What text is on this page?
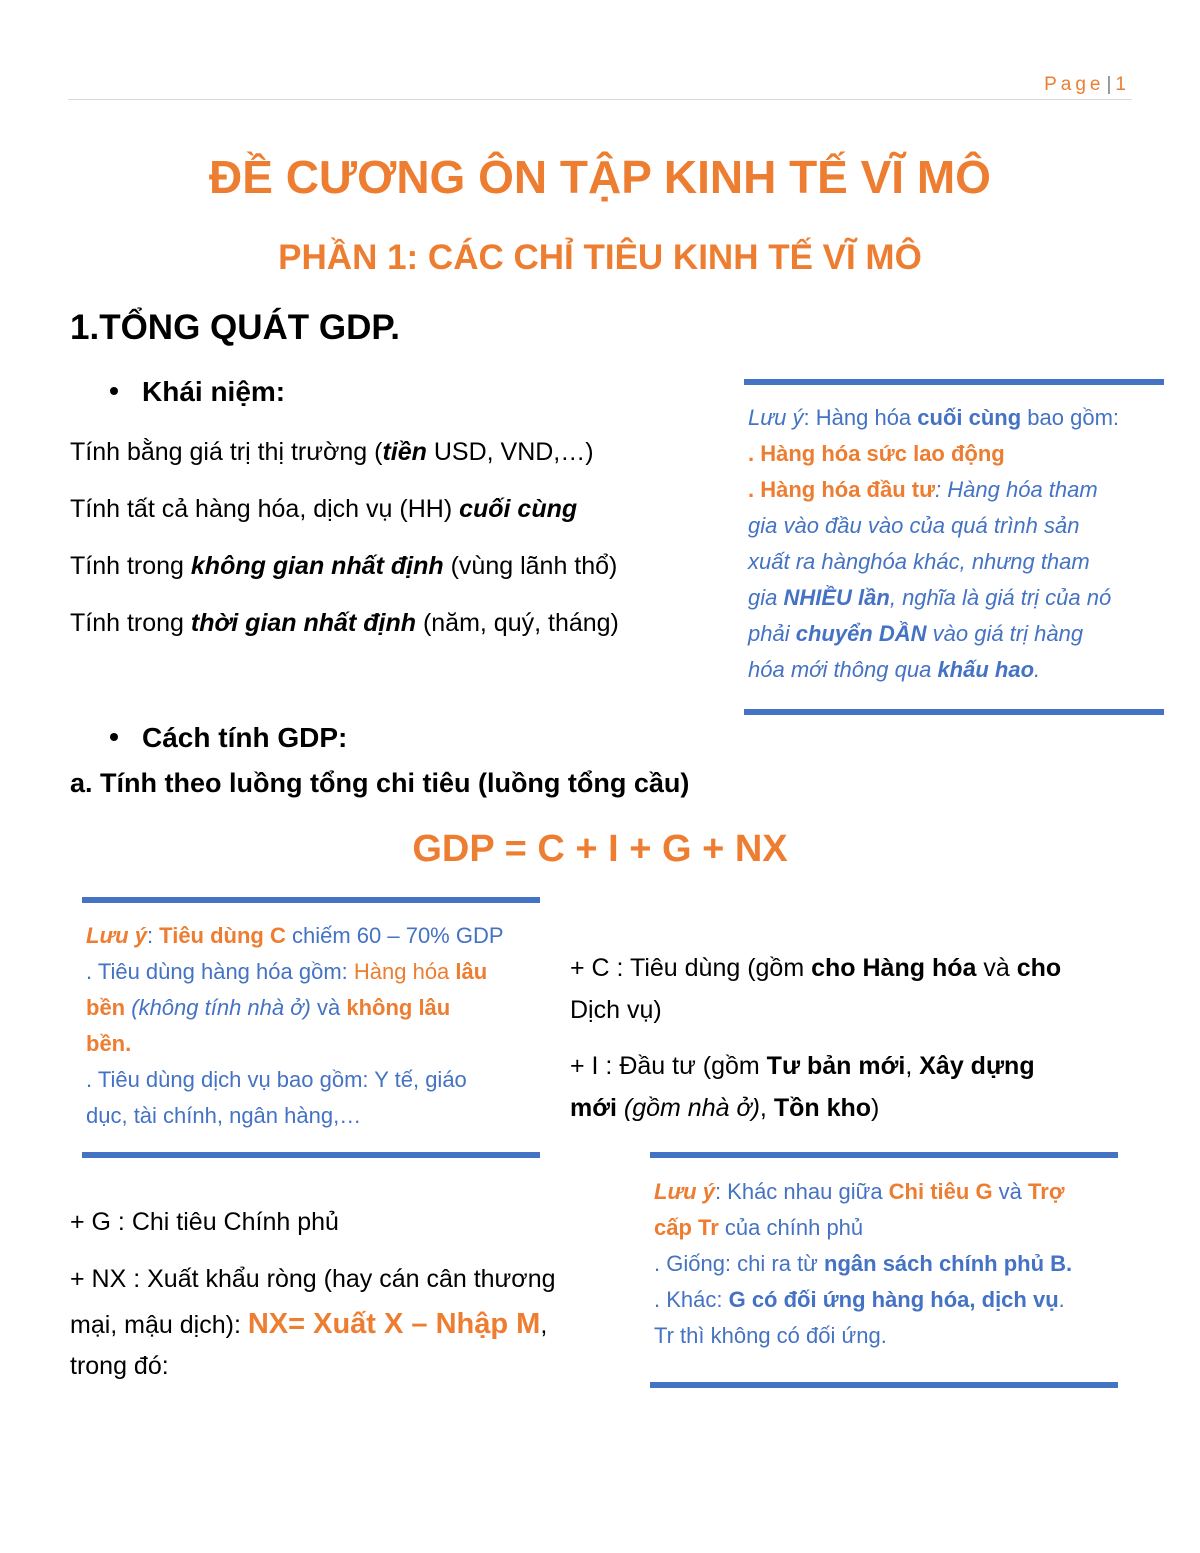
Page | 1
ĐỀ CƯƠNG ÔN TẬP KINH TẾ VĨ MÔ
PHẦN 1: CÁC CHỈ TIÊU KINH TẾ VĨ MÔ
1.TỔNG QUÁT GDP.
Khái niệm:
Tính bằng giá trị thị trường (tiền USD, VND,…)
Tính tất cả hàng hóa, dịch vụ (HH) cuối cùng
Tính trong không gian nhất định (vùng lãnh thổ)
Tính trong thời gian nhất định (năm, quý, tháng)
Lưu ý: Hàng hóa cuối cùng bao gồm:
. Hàng hóa sức lao động
. Hàng hóa đầu tư: Hàng hóa tham
gia vào đầu vào của quá trình sản
xuất ra hànghóa khác, nhưng tham
gia NHIỀU lần, nghĩa là giá trị của nó
phải chuyển DẦN vào giá trị hàng
hóa mới thông qua khấu hao.
Cách tính GDP:
a. Tính theo luồng tổng chi tiêu (luồng tổng cầu)
GDP = C + I + G + NX
Lưu ý: Tiêu dùng C chiếm 60 – 70% GDP
. Tiêu dùng hàng hóa gồm: Hàng hóa lâu
bền (không tính nhà ở) và không lâu
bền.
. Tiêu dùng dịch vụ bao gồm: Y tế, giáo
dục, tài chính, ngân hàng,…
+ C : Tiêu dùng (gồm cho Hàng hóa và cho
Dịch vụ)
+ I : Đầu tư (gồm Tư bản mới, Xây dựng
mới (gồm nhà ở), Tồn kho)
+ G : Chi tiêu Chính phủ
+ NX : Xuất khẩu ròng (hay cán cân thương
mại, mậu dịch): NX= Xuất X – Nhập M,
trong đó:
Lưu ý: Khác nhau giữa Chi tiêu G và Trợ
cấp Tr của chính phủ
. Giống: chi ra từ ngân sách chính phủ B.
. Khác: G có đối ứng hàng hóa, dịch vụ.
Tr thì không có đối ứng.
